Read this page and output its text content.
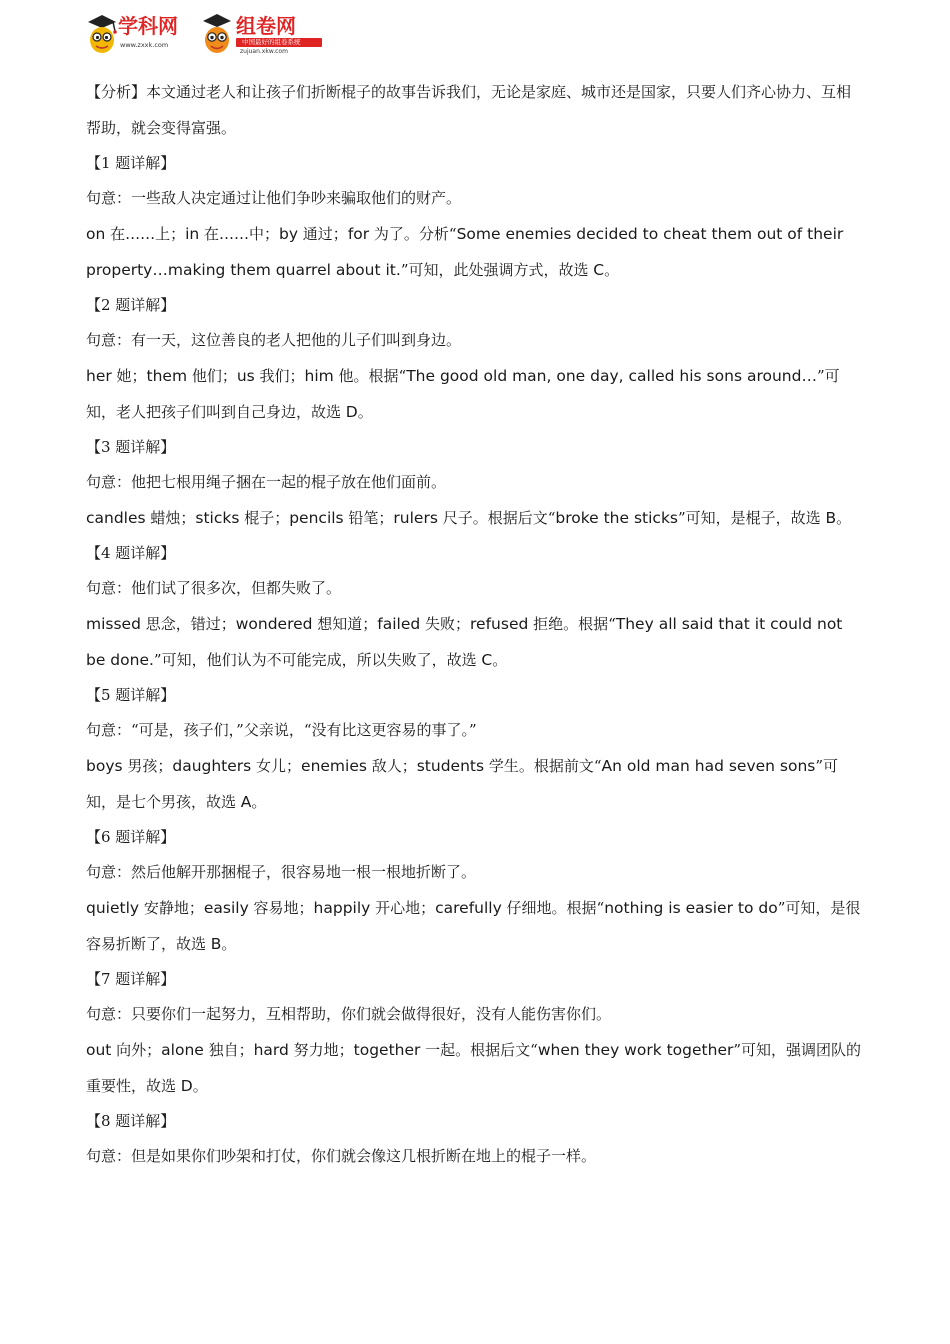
学科网
www.zxxk.com
组卷网
中国最好的组卷系统
zujuan.xkw.com

【分析】本文通过老人和让孩子们折断棍子的故事告诉我们，无论是家庭、城市还是国家，只要人们齐心协力、互相帮助，就会变得富强。

【1 题详解】

句意：一些敌人决定通过让他们争吵来骗取他们的财产。

on 在……上；in 在……中；by 通过；for 为了。分析“Some enemies decided to cheat them out of their property…making them quarrel about it.”可知，此处强调方式，故选 C。

【2 题详解】

句意：有一天，这位善良的老人把他的儿子们叫到身边。

her 她；them 他们；us 我们；him 他。根据“The good old man, one day, called his sons around…”可知，老人把孩子们叫到自己身边，故选 D。

【3 题详解】

句意：他把七根用绳子捆在一起的棍子放在他们面前。

candles 蜡烛；sticks 棍子；pencils 铅笔；rulers 尺子。根据后文“broke the sticks”可知，是棍子，故选 B。

【4 题详解】

句意：他们试了很多次，但都失败了。

missed 思念，错过；wondered 想知道；failed 失败；refused 拒绝。根据“They all said that it could not be done.”可知，他们认为不可能完成，所以失败了，故选 C。

【5 题详解】

句意：“可是，孩子们，”父亲说，“没有比这更容易的事了。”

boys 男孩；daughters 女儿；enemies 敌人；students 学生。根据前文“An old man had seven sons”可知，是七个男孩，故选 A。

【6 题详解】

句意：然后他解开那捆棍子，很容易地一根一根地折断了。

quietly 安静地；easily 容易地；happily 开心地；carefully 仔细地。根据“nothing is easier to do”可知，是很容易折断了，故选 B。

【7 题详解】

句意：只要你们一起努力，互相帮助，你们就会做得很好，没有人能伤害你们。

out 向外；alone 独自；hard 努力地；together 一起。根据后文“when they work together”可知，强调团队的重要性，故选 D。

【8 题详解】

句意：但是如果你们吵架和打仗，你们就会像这几根折断在地上的棍子一样。
